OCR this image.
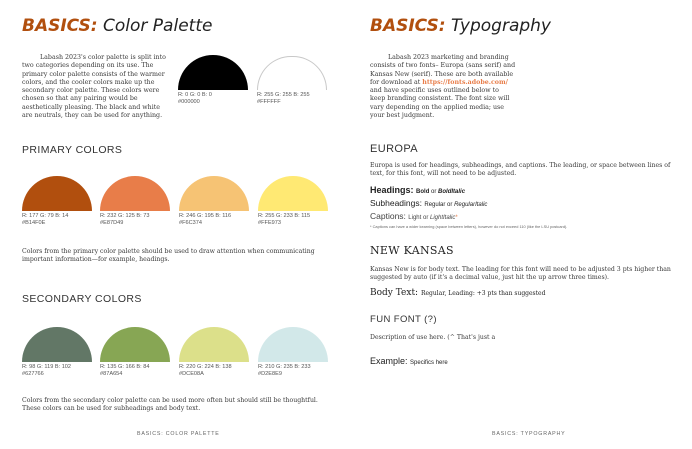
BASICS: Color Palette
Labash 2023's color palette is split into two categories depending on its use. The primary color palette consists of the warmer colors, and the cooler colors make up the secondary color palette. These colors were chosen so that any pairing would be aesthetically pleasing. The black and white are neutrals, they can be used for anything.
R: 0 G: 0 B: 0
#000000
R: 255 G: 255 B: 255
#FFFFFF
PRIMARY COLORS
R: 177 G: 79 B: 14
#B14F0E
R: 232 G: 125 B: 73
#E87D49
R: 246 G: 195 B: 116
#F6C374
R: 255 G: 233 B: 115
#FFE973
Colors from the primary color palette should be used to draw attention when communicating important information—for example, headings.
SECONDARY COLORS
R: 98 G: 119 B: 102
#627766
R: 135 G: 166 B: 84
#87A654
R: 220 G: 224 B: 138
#DCE08A
R: 210 G: 235 B: 233
#D2E8E9
Colors from the secondary color palette can be used more often but should still be thoughtful. These colors can be used for subheadings and body text.
BASICS: COLOR PALETTE
BASICS: Typography
Labash 2023 marketing and branding consists of two fonts– Europa (sans serif) and Kansas New (serif). These are both available for download at https://fonts.adobe.com/ and have specific uses outlined below to keep branding consistent. The font size will vary depending on the applied media; use your best judgment.
EUROPA
Europa is used for headings, subheadings, and captions. The leading, or space between lines of text, for this font, will not need to be adjusted.
Headings: Bold or BoldItalic
Subheadings: Regular or RegularItalic
Captions: Light or LightItalic*
* Captions can have a wider kearning (space between letters), however do not exceed 110 (like the LSU postcard).
NEW KANSAS
Kansas New is for body text. The leading for this font will need to be adjusted 3 pts higher than suggested by auto (if it's a decimal value, just hit the up arrow three times).
Body Text: Regular, Leading: +3 pts than suggested
FUN FONT (?)
Description of use here. (^ That's just a
Example: Specifics here
BASICS: TYPOGRAPHY
